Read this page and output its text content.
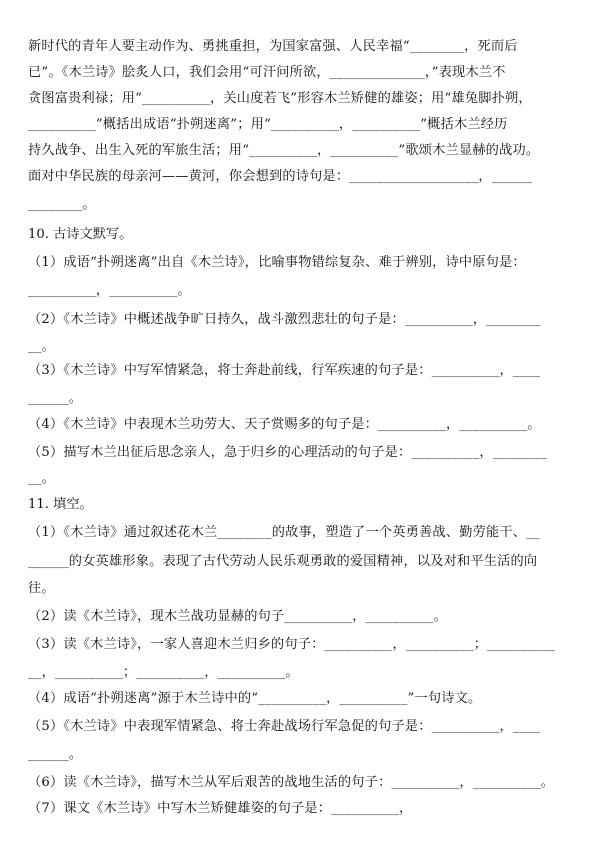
新时代的青年人要主动作为、勇挑重担，为国家富强、人民幸福“________，死而后
已”。《木兰诗》脍炙人口，我们会用“可汗问所欲，______________，”表现木兰不
贪图富贵利禄；用“__________，关山度若飞”形容木兰矫健的雄姿；用“雄兔脚扑朔，
__________”概括出成语“扑朔迷离”；用“__________，__________”概括木兰经历
持久战争、出生入死的军旅生活；用“__________，__________”歌颂木兰显赫的战功。
面对中华民族的母亲河——黄河，你会想到的诗句是：___________________，______
________。
10. 古诗文默写。
（1）成语“扑朔迷离”出自《木兰诗》，比喻事物错综复杂、难于辨别，诗中原句是：
__________，__________。
（2）《木兰诗》中概述战争旷日持久，战斗激烈悲壮的句子是：__________，________
__。
（3）《木兰诗》中写军情紧急，将士奔赴前线，行军疾速的句子是：__________，____
______。
（4）《木兰诗》中表现木兰功劳大、天子赏赐多的句子是：__________，__________。
（5）描写木兰出征后思念亲人，急于归乡的心理活动的句子是：__________，________
__。
11. 填空。
（1）《木兰诗》通过叙述花木兰________的故事，塑造了一个英勇善战、勤劳能干、__
______的女英雄形象。表现了古代劳动人民乐观勇敢的爱国精神，以及对和平生活的向
往。
（2）读《木兰诗》，现木兰战功显赫的句子__________，__________。
（3）读《木兰诗》，一家人喜迎木兰归乡的句子：__________，__________；__________
__，__________；__________，__________。
（4）成语“扑朔迷离”源于木兰诗中的“__________，__________”一句诗文。
（5）《木兰诗》中表现军情紧急、将士奔赴战场行军急促的句子是：__________，____
______。
（6）读《木兰诗》，描写木兰从军后艰苦的战地生活的句子：__________，__________。
（7）课文《木兰诗》中写木兰矫健雄姿的句子是：__________，
